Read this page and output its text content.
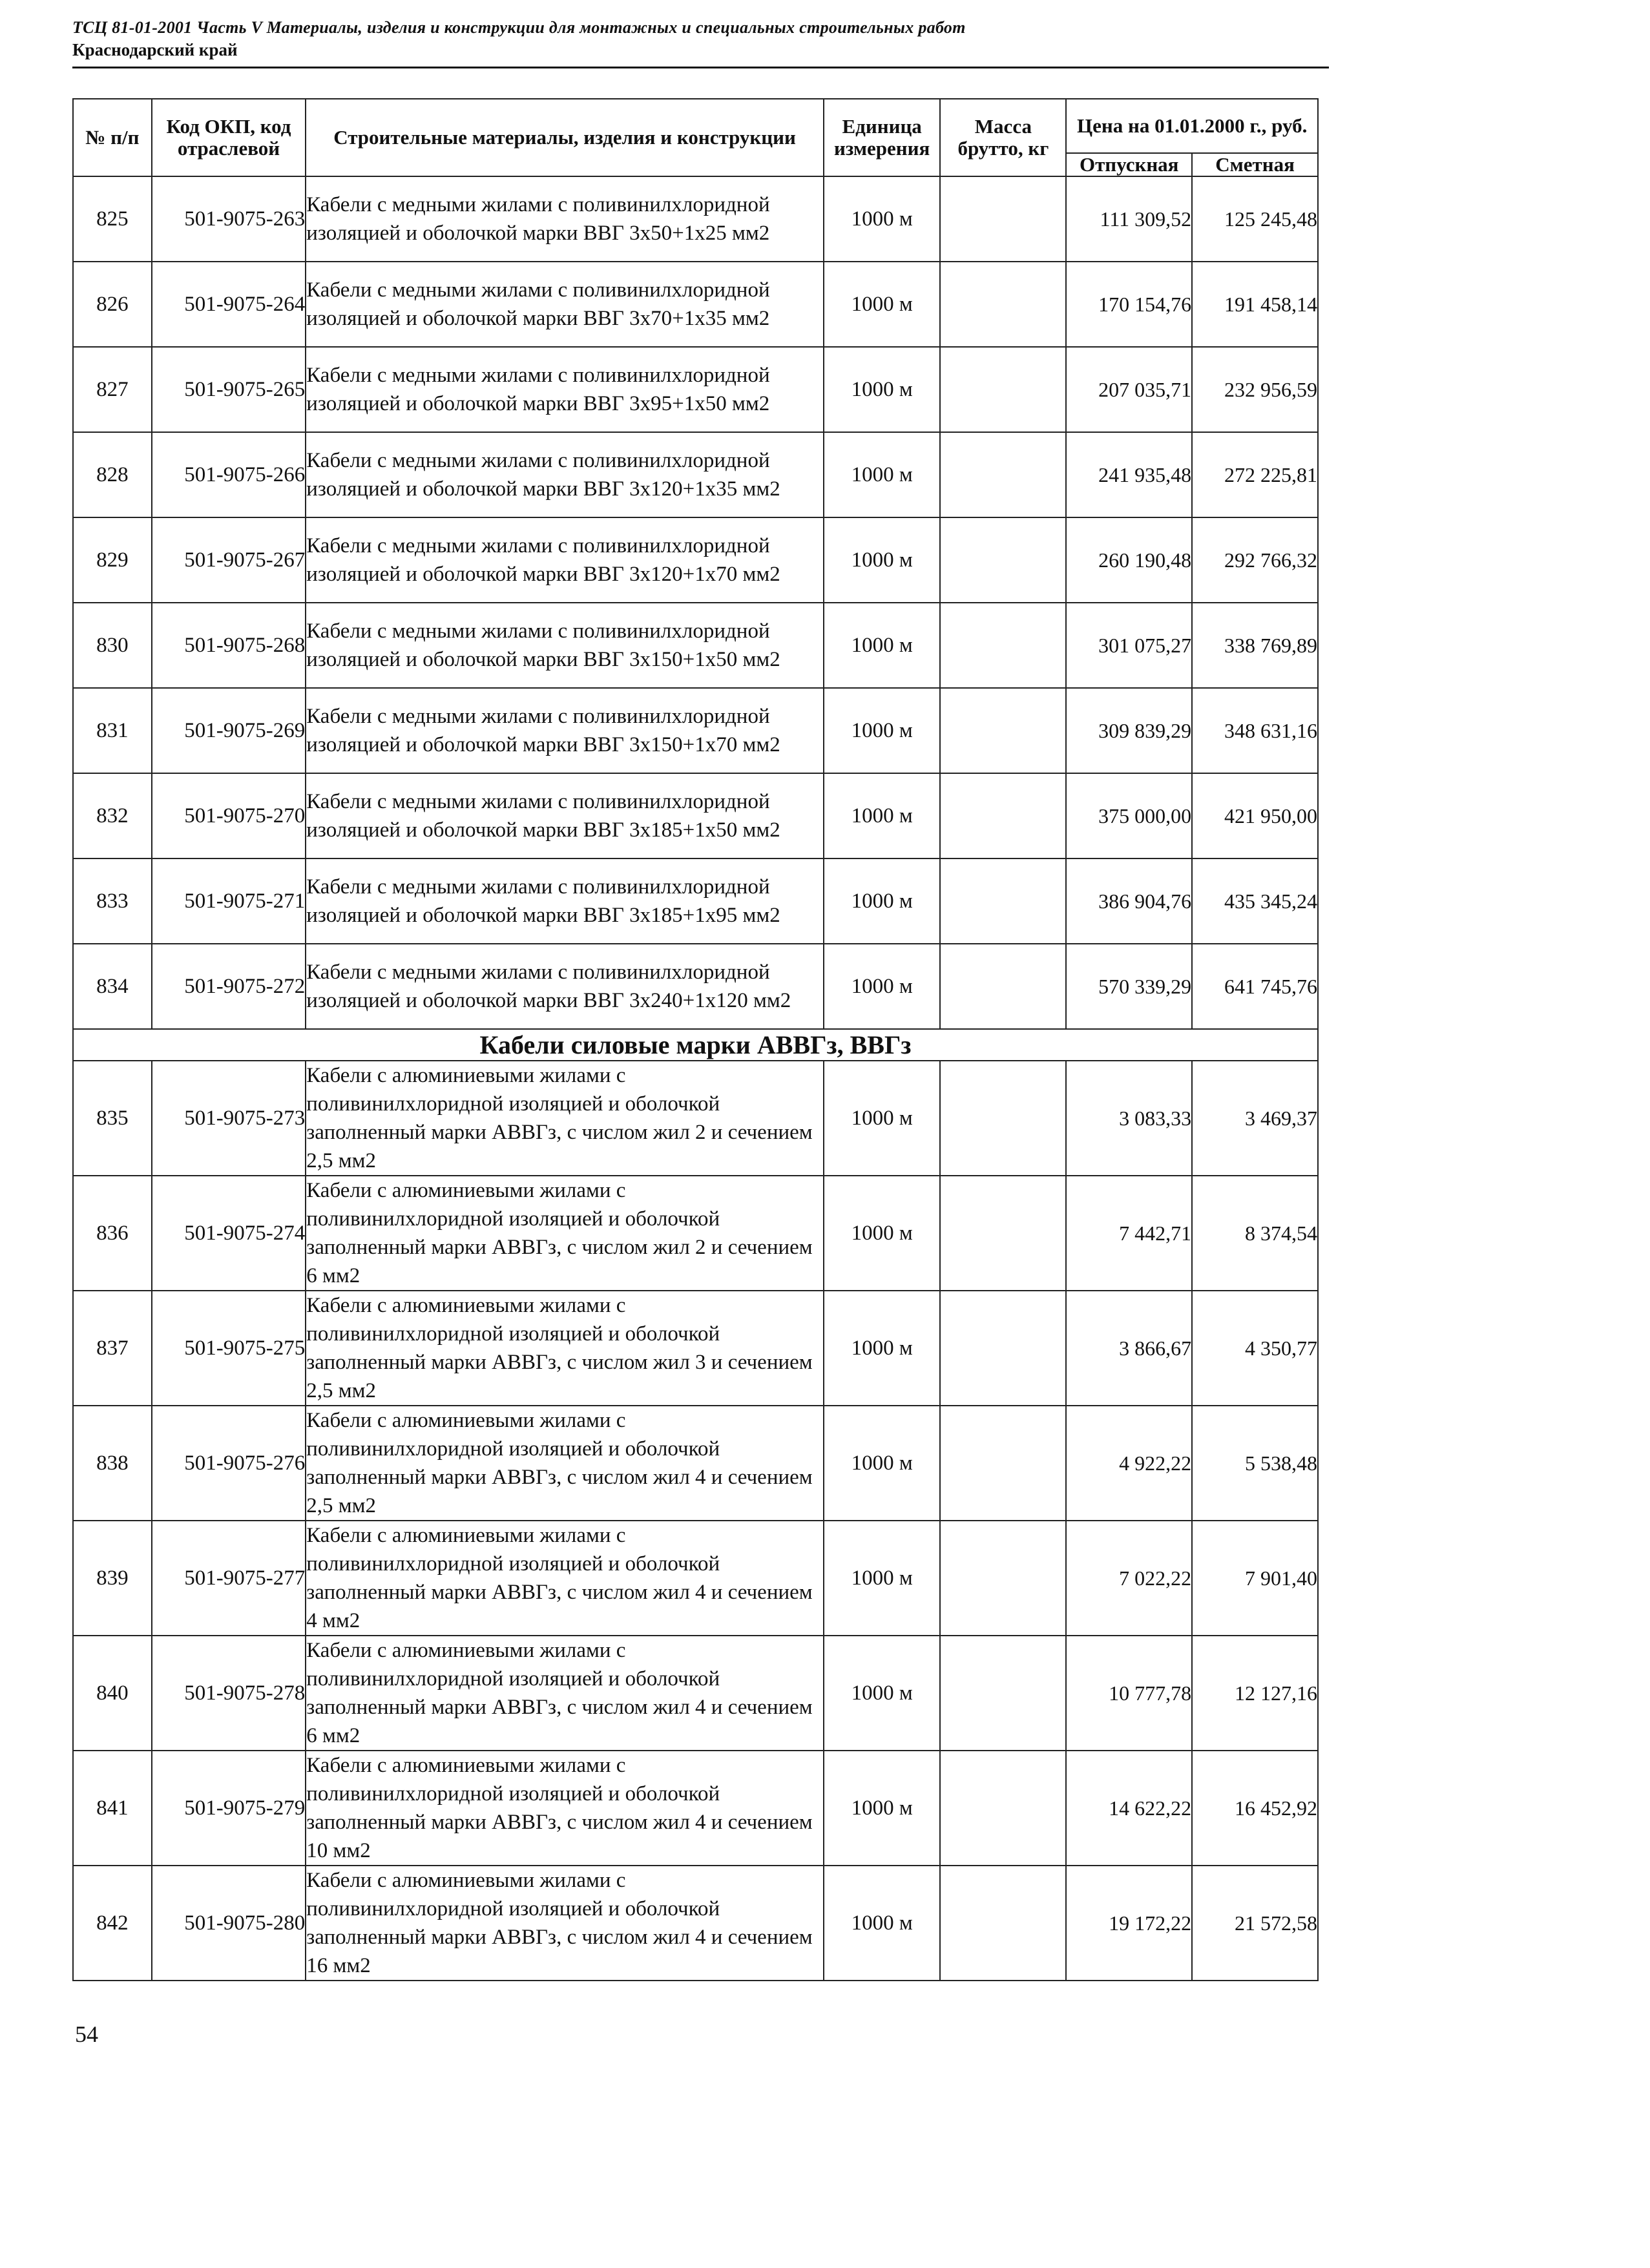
ТСЦ 81-01-2001 Часть V Материалы, изделия и конструкции для монтажных и специальных строительных работ
Краснодарский край
№ п/п	Код ОКП, код отраслевой	Строительные материалы, изделия и конструкции	Единица измерения	Масса брутто, кг	Цена на 01.01.2000 г., руб.	
					Отпускная	Сметная
825	501-9075-263	Кабели с медными жилами с поливинилхлоридной изоляцией и оболочкой марки ВВГ 3х50+1х25 мм2	1000 м		111 309,52	125 245,48
826	501-9075-264	Кабели с медными жилами с поливинилхлоридной изоляцией и оболочкой марки ВВГ 3х70+1х35 мм2	1000 м		170 154,76	191 458,14
827	501-9075-265	Кабели с медными жилами с поливинилхлоридной изоляцией и оболочкой марки ВВГ 3х95+1х50 мм2	1000 м		207 035,71	232 956,59
828	501-9075-266	Кабели с медными жилами с поливинилхлоридной изоляцией и оболочкой марки ВВГ 3х120+1х35 мм2	1000 м		241 935,48	272 225,81
829	501-9075-267	Кабели с медными жилами с поливинилхлоридной изоляцией и оболочкой марки ВВГ 3х120+1х70 мм2	1000 м		260 190,48	292 766,32
830	501-9075-268	Кабели с медными жилами с поливинилхлоридной изоляцией и оболочкой марки ВВГ 3х150+1х50 мм2	1000 м		301 075,27	338 769,89
831	501-9075-269	Кабели с медными жилами с поливинилхлоридной изоляцией и оболочкой марки ВВГ 3х150+1х70 мм2	1000 м		309 839,29	348 631,16
832	501-9075-270	Кабели с медными жилами с поливинилхлоридной изоляцией и оболочкой марки ВВГ 3х185+1х50 мм2	1000 м		375 000,00	421 950,00
833	501-9075-271	Кабели с медными жилами с поливинилхлоридной изоляцией и оболочкой марки ВВГ 3х185+1х95 мм2	1000 м		386 904,76	435 345,24
834	501-9075-272	Кабели с медными жилами с поливинилхлоридной изоляцией и оболочкой марки ВВГ 3х240+1х120 мм2	1000 м		570 339,29	641 745,76
Кабели силовые марки АВВГз, ВВГз						
835	501-9075-273	Кабели с алюминиевыми жилами с поливинилхлоридной изоляцией и оболочкой заполненный марки АВВГз, с числом жил 2 и сечением 2,5 мм2	1000 м		3 083,33	3 469,37
836	501-9075-274	Кабели с алюминиевыми жилами с поливинилхлоридной изоляцией и оболочкой заполненный марки АВВГз, с числом жил 2 и сечением 6 мм2	1000 м		7 442,71	8 374,54
837	501-9075-275	Кабели с алюминиевыми жилами с поливинилхлоридной изоляцией и оболочкой заполненный марки АВВГз, с числом жил 3 и сечением 2,5 мм2	1000 м		3 866,67	4 350,77
838	501-9075-276	Кабели с алюминиевыми жилами с поливинилхлоридной изоляцией и оболочкой заполненный марки АВВГз, с числом жил 4 и сечением 2,5 мм2	1000 м		4 922,22	5 538,48
839	501-9075-277	Кабели с алюминиевыми жилами с поливинилхлоридной изоляцией и оболочкой заполненный марки АВВГз, с числом жил 4 и сечением 4 мм2	1000 м		7 022,22	7 901,40
840	501-9075-278	Кабели с алюминиевыми жилами с поливинилхлоридной изоляцией и оболочкой заполненный марки АВВГз, с числом жил 4 и сечением 6 мм2	1000 м		10 777,78	12 127,16
841	501-9075-279	Кабели с алюминиевыми жилами с поливинилхлоридной изоляцией и оболочкой заполненный марки АВВГз, с числом жил 4 и сечением 10 мм2	1000 м		14 622,22	16 452,92
842	501-9075-280	Кабели с алюминиевыми жилами с поливинилхлоридной изоляцией и оболочкой заполненный марки АВВГз, с числом жил 4 и сечением 16 мм2	1000 м		19 172,22	21 572,58
54
